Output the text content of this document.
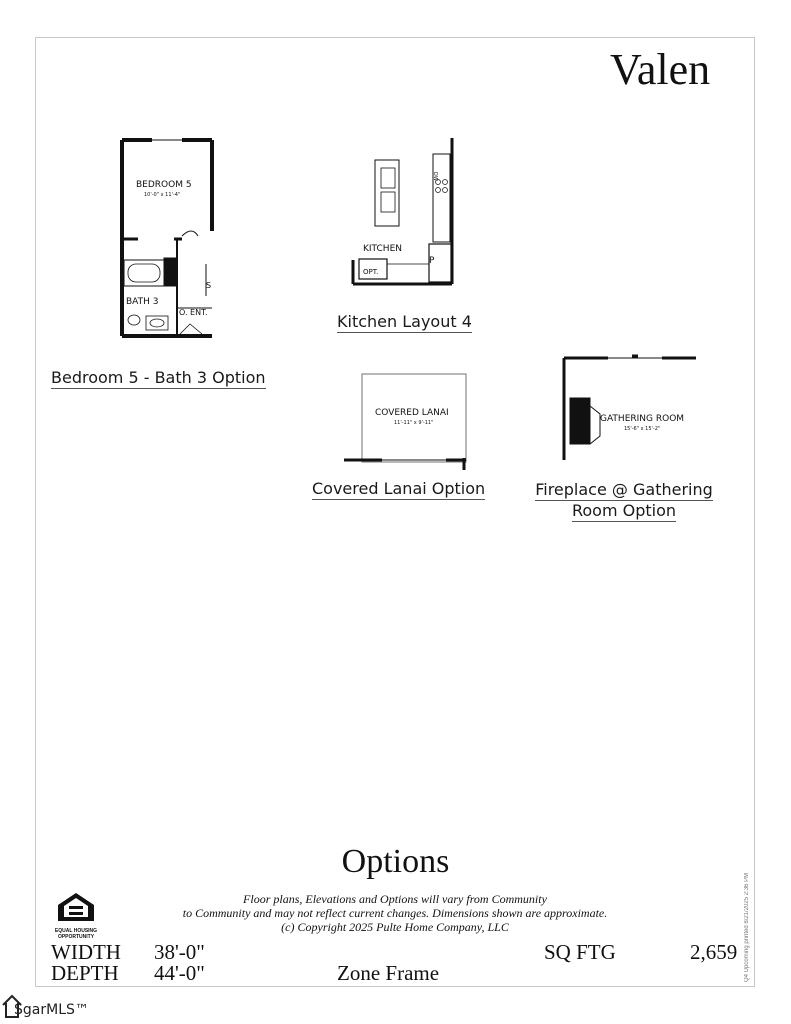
Valen
BEDROOM 5
10'-0" x 11'-4"
BATH 3
O. ENT.
S
Bedroom 5 - Bath 3 Option
DW
KITCHEN
OPT.
P
Kitchen Layout 4
COVERED LANAI
11'-11" x 9'-11"
Covered Lanai Option
GATHERING ROOM
15'-6" x 15'-2"
Fireplace @ Gathering
Room Option
Options
Floor plans, Elevations and Options will vary from Community
to Community and may not reflect current changes. Dimensions shown are approximate.
(c) Copyright 2025 Pulte Home Company, LLC
EQUAL HOUSING
OPPORTUNITY
WIDTH 38'-0"
DEPTH 44'-0"	Zone Frame
SQ FTG	2,659 Q4 Upcoming printed 8/21/2025 2:36 PM
SgarMLS™
